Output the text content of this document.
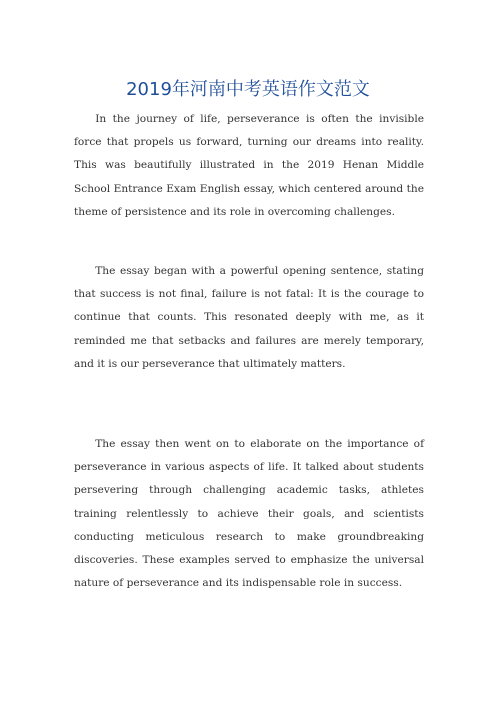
2019年河南中考英语作文范文

In the journey of life, perseverance is often the invisible force that propels us forward, turning our dreams into reality. This was beautifully illustrated in the 2019 Henan Middle School Entrance Exam English essay, which centered around the theme of persistence and its role in overcoming challenges.

The essay began with a powerful opening sentence, stating that success is not final, failure is not fatal: It is the courage to continue that counts. This resonated deeply with me, as it reminded me that setbacks and failures are merely temporary, and it is our perseverance that ultimately matters.

The essay then went on to elaborate on the importance of perseverance in various aspects of life. It talked about students persevering through challenging academic tasks, athletes training relentlessly to achieve their goals, and scientists conducting meticulous research to make groundbreaking discoveries. These examples served to emphasize the universal nature of perseverance and its indispensable role in success.
